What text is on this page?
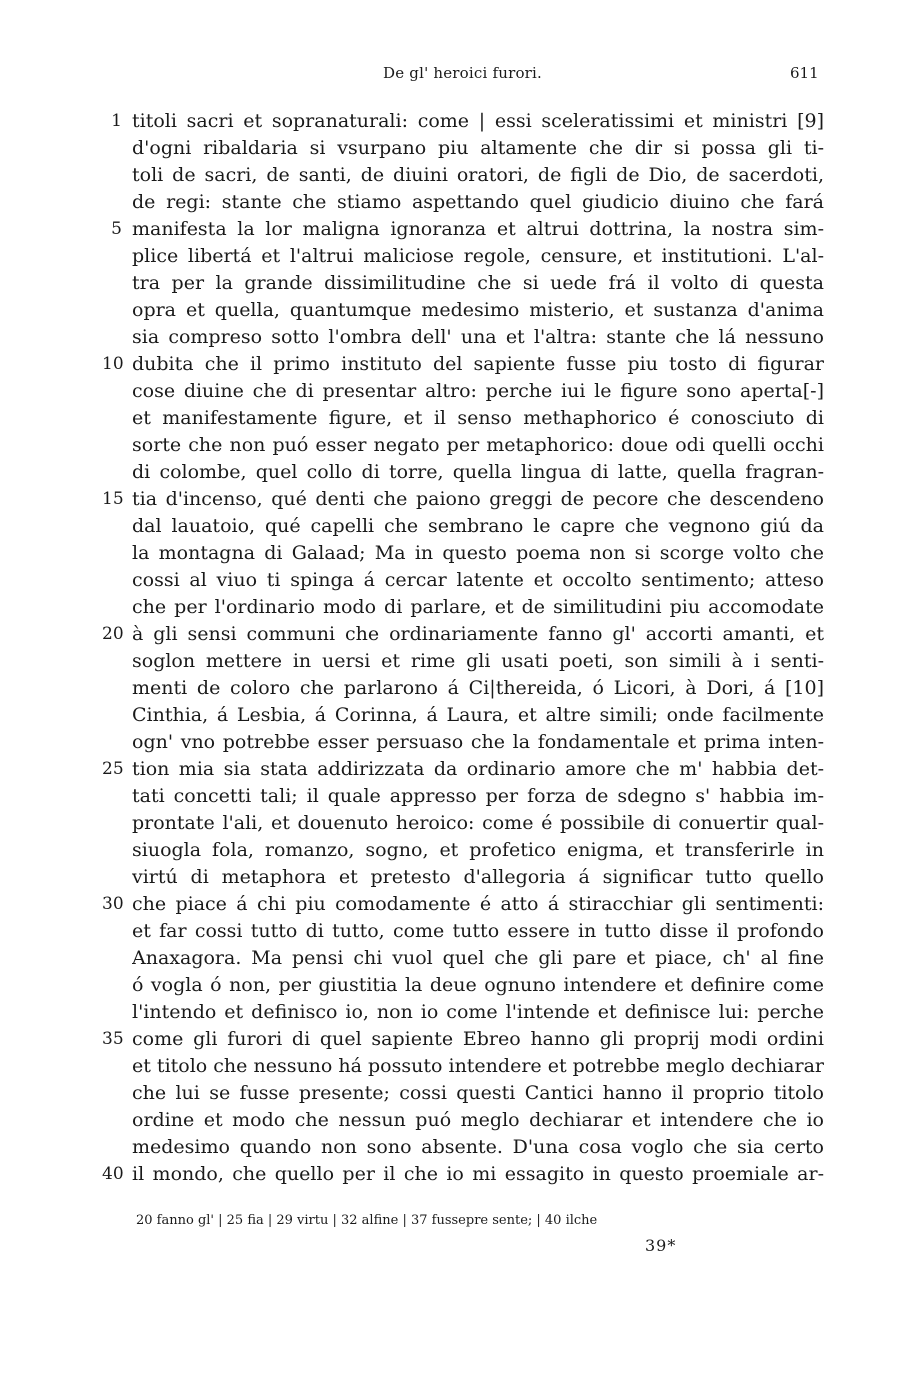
De gl' heroici furori.	611
1 titoli sacri et sopranaturali: come | essi sceleratissimi et ministri [9]
d'ogni ribaldaria si vsurpano piu altamente che dir si possa gli ti-
toli de sacri, de santi, de diuini oratori, de figli de Dio, de sacerdoti,
de regi: stante che stiamo aspettando quel giudicio diuino che fará
5 manifesta la lor maligna ignoranza et altrui dottrina, la nostra sim-
plice libertá et l'altrui maliciose regole, censure, et institutioni. L'al-
tra per la grande dissimilitudine che si uede frá il volto di questa
opra et quella, quantumque medesimo misterio, et sustanza d'anima
sia compreso sotto l'ombra dell' una et l'altra: stante che lá nessuno
10 dubita che il primo instituto del sapiente fusse piu tosto di figurar
cose diuine che di presentar altro: perche iui le figure sono aperta[-]
et manifestamente figure, et il senso methaphorico é conosciuto di
sorte che non puó esser negato per metaphorico: doue odi quelli occhi
di colombe, quel collo di torre, quella lingua di latte, quella fragran-
15 tia d'incenso, qué denti che paiono greggi de pecore che descendeno
dal lauatoio, qué capelli che sembrano le capre che vegnono giú da
la montagna di Galaad; Ma in questo poema non si scorge volto che
cossi al viuo ti spinga á cercar latente et occolto sentimento; atteso
che per l'ordinario modo di parlare, et de similitudini piu accomodate
20 à gli sensi communi che ordinariamente fanno gl' accorti amanti, et
soglon mettere in uersi et rime gli usati poeti, son simili à i senti-
menti de coloro che parlarono á Ci|thereida, ó Licori, à Dori, á [10]
Cinthia, á Lesbia, á Corinna, á Laura, et altre simili; onde facilmente
ogn' vno potrebbe esser persuaso che la fondamentale et prima inten-
25 tion mia sia stata addirizzata da ordinario amore che m' habbia det-
tati concetti tali; il quale appresso per forza de sdegno s' habbia im-
prontate l'ali, et douenuto heroico: come é possibile di conuertir qual-
siuogla fola, romanzo, sogno, et profetico enigma, et transferirle in
virtú di metaphora et pretesto d'allegoria á significar tutto quello
30 che piace á chi piu comodamente é atto á stiracchiar gli sentimenti:
et far cossi tutto di tutto, come tutto essere in tutto disse il profondo
Anaxagora. Ma pensi chi vuol quel che gli pare et piace, ch' al fine
ó vogla ó non, per giustitia la deue ognuno intendere et definire come
l'intendo et definisco io, non io come l'intende et definisce lui: perche
35 come gli furori di quel sapiente Ebreo hanno gli proprij modi ordini
et titolo che nessuno há possuto intendere et potrebbe meglo dechiarar
che lui se fusse presente; cossi questi Cantici hanno il proprio titolo
ordine et modo che nessun puó meglo dechiarar et intendere che io
medesimo quando non sono absente. D'una cosa voglo che sia certo
40 il mondo, che quello per il che io mi essagito in questo proemiale ar-
20 fanno gl' | 25 fia | 29 virtu | 32 alfine | 37 fussepre sente; | 40 ilche
39*
